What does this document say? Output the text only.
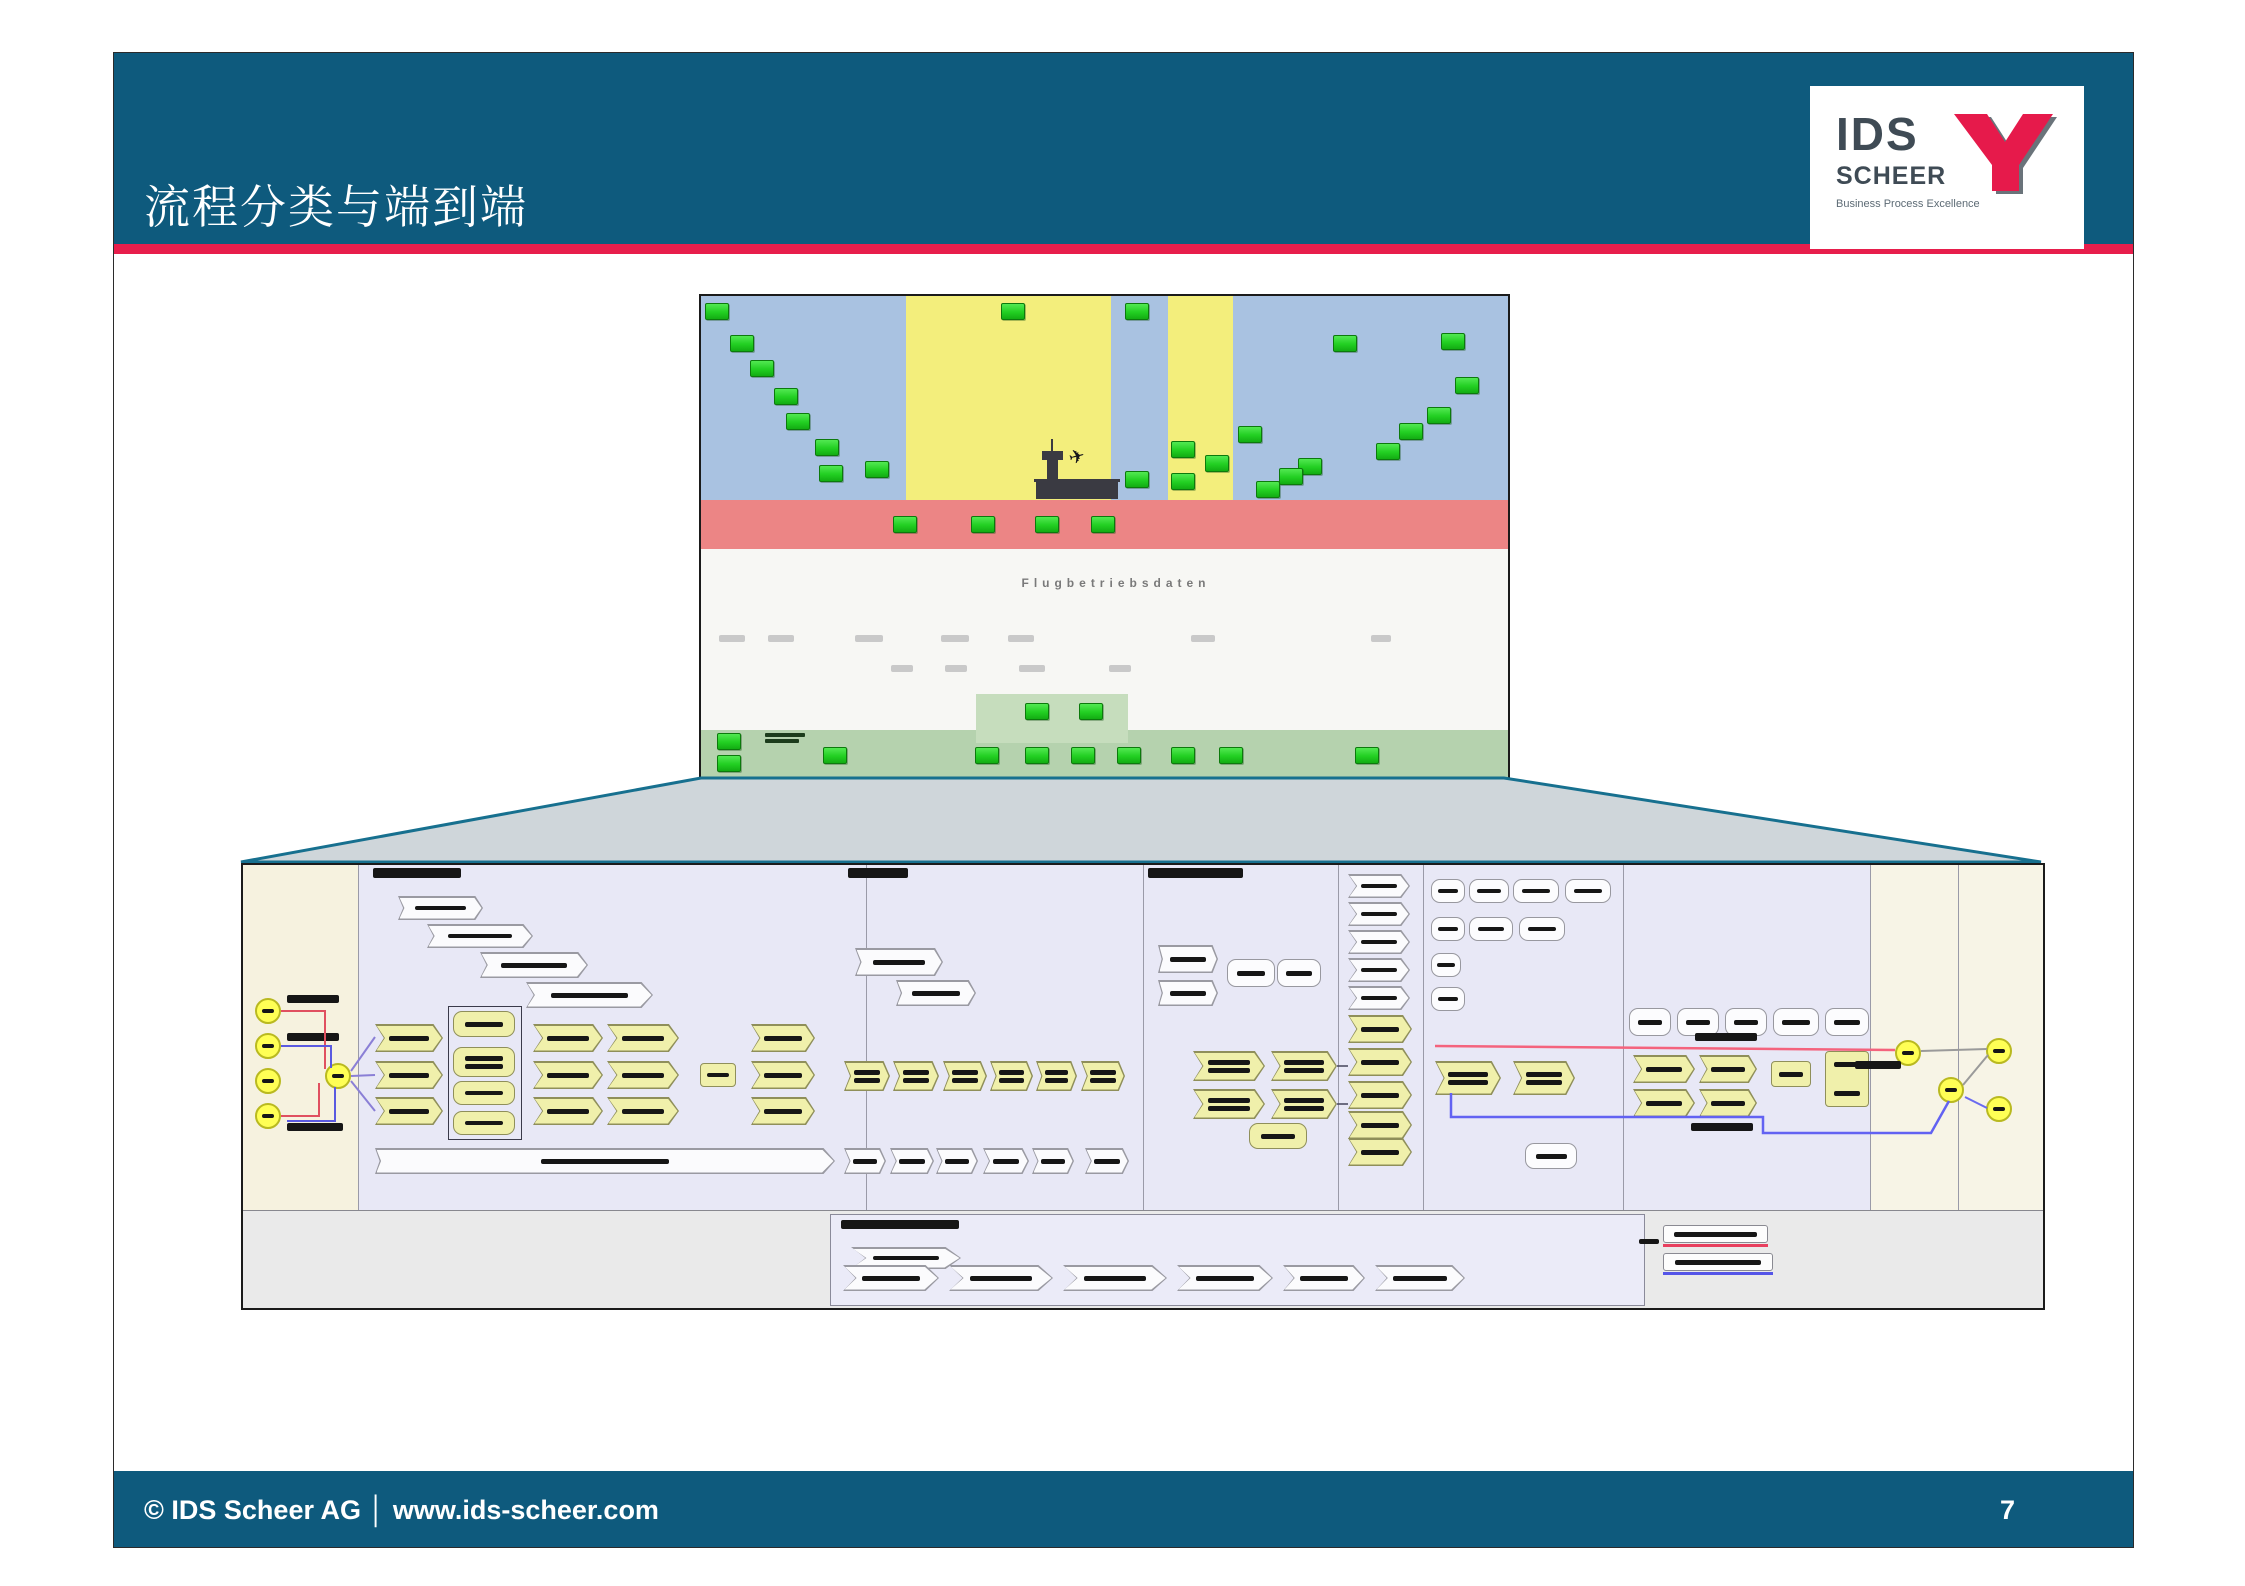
流程分类与端到端
IDS
SCHEER
Business Process Excellence
✈
Flugbetriebsdaten
© IDS Scheer AG │ www.ids-scheer.com	7
